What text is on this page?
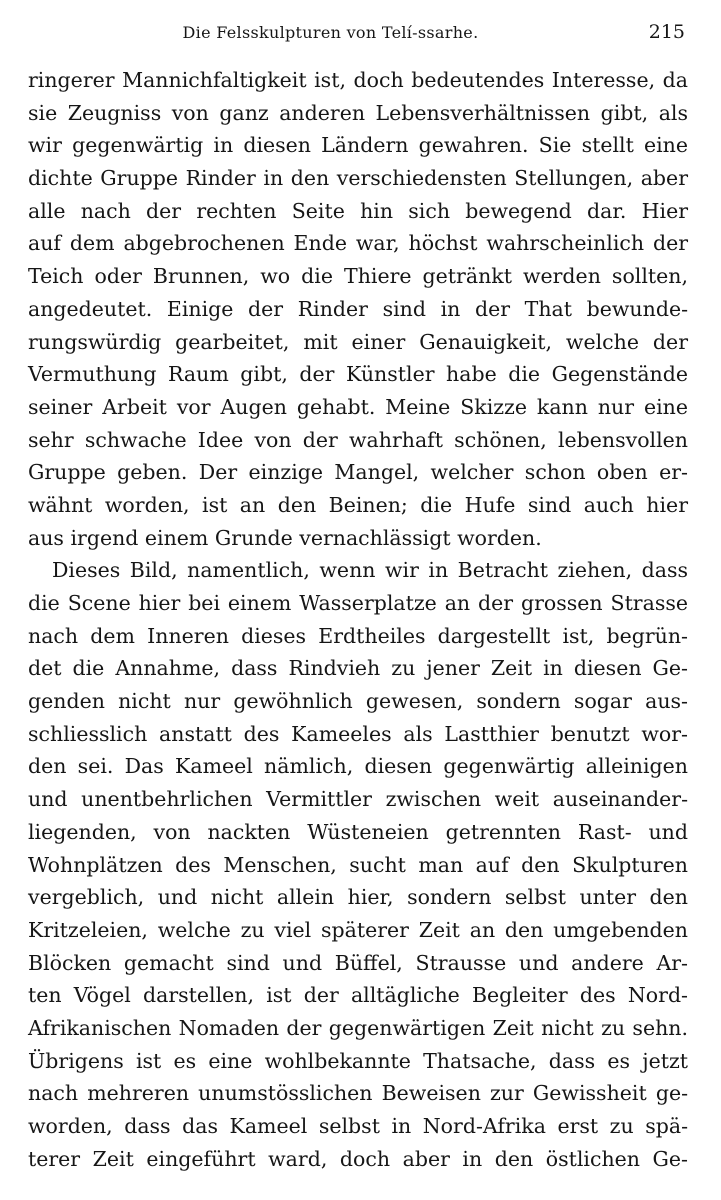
Die Felsskulpturen von Telí-ssarhe.	215
ringerer Mannichfaltigkeit ist, doch bedeutendes Interesse, da
sie Zeugniss von ganz anderen Lebensverhältnissen gibt, als
wir gegenwärtig in diesen Ländern gewahren. Sie stellt eine
dichte Gruppe Rinder in den verschiedensten Stellungen, aber
alle nach der rechten Seite hin sich bewegend dar. Hier
auf dem abgebrochenen Ende war, höchst wahrscheinlich der
Teich oder Brunnen, wo die Thiere getränkt werden sollten,
angedeutet. Einige der Rinder sind in der That bewunde-
rungswürdig gearbeitet, mit einer Genauigkeit, welche der
Vermuthung Raum gibt, der Künstler habe die Gegenstände
seiner Arbeit vor Augen gehabt. Meine Skizze kann nur eine
sehr schwache Idee von der wahrhaft schönen, lebensvollen
Gruppe geben. Der einzige Mangel, welcher schon oben er-
wähnt worden, ist an den Beinen; die Hufe sind auch hier
aus irgend einem Grunde vernachlässigt worden.
Dieses Bild, namentlich, wenn wir in Betracht ziehen, dass
die Scene hier bei einem Wasserplatze an der grossen Strasse
nach dem Inneren dieses Erdtheiles dargestellt ist, begrün-
det die Annahme, dass Rindvieh zu jener Zeit in diesen Ge-
genden nicht nur gewöhnlich gewesen, sondern sogar aus-
schliesslich anstatt des Kameeles als Lastthier benutzt wor-
den sei. Das Kameel nämlich, diesen gegenwärtig alleinigen
und unentbehrlichen Vermittler zwischen weit auseinander-
liegenden, von nackten Wüsteneien getrennten Rast- und
Wohnplätzen des Menschen, sucht man auf den Skulpturen
vergeblich, und nicht allein hier, sondern selbst unter den
Kritzeleien, welche zu viel späterer Zeit an den umgebenden
Blöcken gemacht sind und Büffel, Strausse und andere Ar-
ten Vögel darstellen, ist der alltägliche Begleiter des Nord-
Afrikanischen Nomaden der gegenwärtigen Zeit nicht zu sehn.
Übrigens ist es eine wohlbekannte Thatsache, dass es jetzt
nach mehreren unumstösslichen Beweisen zur Gewissheit ge-
worden, dass das Kameel selbst in Nord-Afrika erst zu spä-
terer Zeit eingeführt ward, doch aber in den östlichen Ge-
